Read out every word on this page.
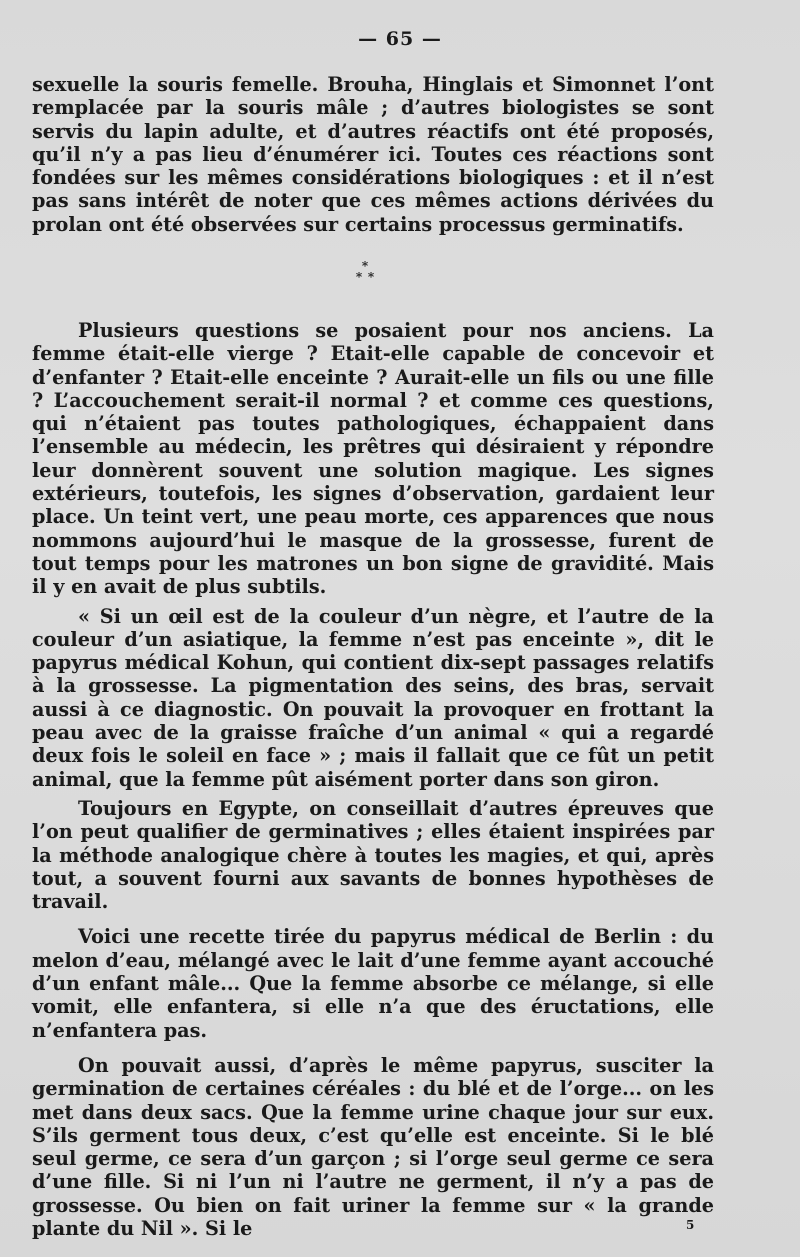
— 65 —

sexuelle la souris femelle. Brouha, Hinglais et Simonnet l’ont remplacée par la souris mâle ; d’autres biologistes se sont servis du lapin adulte, et d’autres réactifs ont été proposés, qu’il n’y a pas lieu d’énumérer ici. Toutes ces réactions sont fondées sur les mêmes considérations biologiques : et il n’est pas sans intérêt de noter que ces mêmes actions dérivées du prolan ont été observées sur certains processus germinatifs.

*
* *

Plusieurs questions se posaient pour nos anciens. La femme était-elle vierge ? Etait-elle capable de concevoir et d’enfanter ? Etait-elle enceinte ? Aurait-elle un fils ou une fille ? L’accouchement serait-il normal ? et comme ces questions, qui n’étaient pas toutes pathologiques, échappaient dans l’ensemble au médecin, les prêtres qui désiraient y répondre leur donnèrent souvent une solution magique. Les signes extérieurs, toutefois, les signes d’observation, gardaient leur place. Un teint vert, une peau morte, ces apparences que nous nommons aujourd’hui le masque de la grossesse, furent de tout temps pour les matrones un bon signe de gravidité. Mais il y en avait de plus subtils.

« Si un œil est de la couleur d’un nègre, et l’autre de la couleur d’un asiatique, la femme n’est pas enceinte », dit le papyrus médical Kohun, qui contient dix-sept passages relatifs à la grossesse. La pigmentation des seins, des bras, servait aussi à ce diagnostic. On pouvait la provoquer en frottant la peau avec de la graisse fraîche d’un animal « qui a regardé deux fois le soleil en face » ; mais il fallait que ce fût un petit animal, que la femme pût aisément porter dans son giron.

Toujours en Egypte, on conseillait d’autres épreuves que l’on peut qualifier de germinatives ; elles étaient inspirées par la méthode analogique chère à toutes les magies, et qui, après tout, a souvent fourni aux savants de bonnes hypothèses de travail.

Voici une recette tirée du papyrus médical de Berlin : du melon d’eau, mélangé avec le lait d’une femme ayant accouché d’un enfant mâle... Que la femme absorbe ce mélange, si elle vomit, elle enfantera, si elle n’a que des éructations, elle n’enfantera pas.

On pouvait aussi, d’après le même papyrus, susciter la germination de certaines céréales : du blé et de l’orge... on les met dans deux sacs. Que la femme urine chaque jour sur eux. S’ils germent tous deux, c’est qu’elle est enceinte. Si le blé seul germe, ce sera d’un garçon ; si l’orge seul germe ce sera d’une fille. Si ni l’un ni l’autre ne germent, il n’y a pas de grossesse. Ou bien on fait uriner la femme sur « la grande plante du Nil ». Si le	5
